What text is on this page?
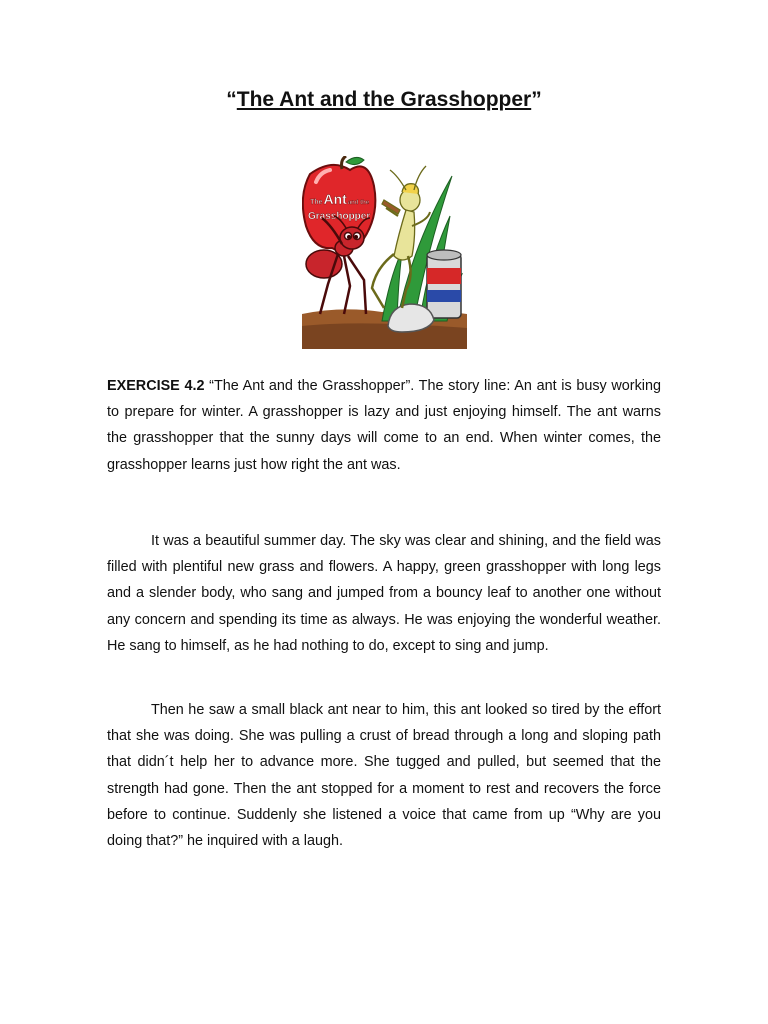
“The Ant and the Grasshopper”
TheAntand the
Grasshopper

EXERCISE 4.2 “The Ant and the Grasshopper”. The story line: An ant is busy working to prepare for winter. A grasshopper is lazy and just enjoying himself. The ant warns the grasshopper that the sunny days will come to an end. When winter comes, the grasshopper learns just how right the ant was.

It was a beautiful summer day. The sky was clear and shining, and the field was filled with plentiful new grass and flowers. A happy, green grasshopper with long legs and a slender body, who sang and jumped from a bouncy leaf to another one without any concern and spending its time as always. He was enjoying the wonderful weather. He sang to himself, as he had nothing to do, except to sing and jump.

Then he saw a small black ant near to him, this ant looked so tired by the effort that she was doing. She was pulling a crust of bread through a long and sloping path that didn´t help her to advance more. She tugged and pulled, but seemed that the strength had gone. Then the ant stopped for a moment to rest and recovers the force before to continue. Suddenly she listened a voice that came from up “Why are you doing that?” he inquired with a laugh.
